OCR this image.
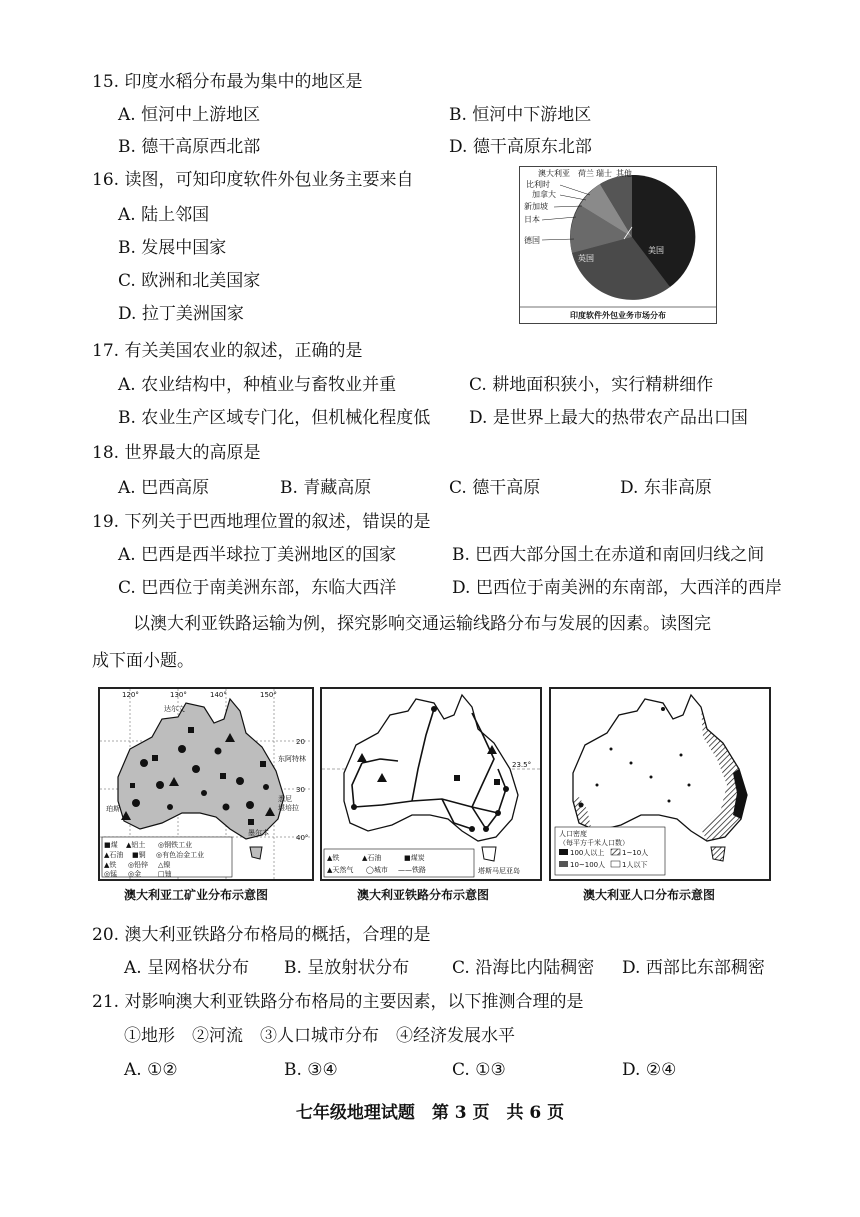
15. 印度水稻分布最为集中的地区是
A. 恒河中上游地区	B. 恒河中下游地区
B. 德干高原西北部	D. 德干高原东北部
16. 读图，可知印度软件外包业务主要来自
A. 陆上邻国
B. 发展中国家
C. 欧洲和北美国家
D. 拉丁美洲国家
澳大利亚 荷兰 瑞士 其他
比利时
加拿大
新加坡
日本
德国
英国
美国
印度软件外包业务市场分布
17. 有关美国农业的叙述，正确的是
A. 农业结构中，种植业与畜牧业并重	C. 耕地面积狭小，实行精耕细作
B. 农业生产区域专门化，但机械化程度低 D. 是世界上最大的热带农产品出口国
18. 世界最大的高原是
A. 巴西高原	B. 青藏高原	C. 德干高原	D. 东非高原
19. 下列关于巴西地理位置的叙述，错误的是
A. 巴西是西半球拉丁美洲地区的国家	B. 巴西大部分国土在赤道和南回归线之间
C. 巴西位于南美洲东部，东临大西洋	D. 巴西位于南美洲的东南部，大西洋的西岸
以澳大利亚铁路运输为例，探究影响交通运输线路分布与发展的因素。读图完
成下面小题。
120°	130°	140°	150°
20
30
40°
达尔文
珀斯
墨尔本
东阿特林
悉尼
堪培拉
■煤 ▲铝土 ◎钢铁工业
▲石油 ■铜 ◎有色冶金工业
▲铁 ◎铅锌 △镍
◎锰 ◎金 □铀
澳大利亚工矿业分布示意图
23.5°
▲铁	▲石油	■煤炭
▲天然气 ◯城市 ——铁路	塔斯马尼亚岛
澳大利亚铁路分布示意图
人口密度
（每平方千米人口数）
100人以上	1~10人
10~100人 1人以下
澳大利亚人口分布示意图
20. 澳大利亚铁路分布格局的概括，合理的是
A. 呈网格状分布 B. 呈放射状分布	C. 沿海比内陆稠密 D. 西部比东部稠密
21. 对影响澳大利亚铁路分布格局的主要因素，以下推测合理的是
①地形　②河流　③人口城市分布　④经济发展水平
A. ①②	B. ③④	C. ①③	D. ②④
七年级地理试题　第 3 页　共 6 页
